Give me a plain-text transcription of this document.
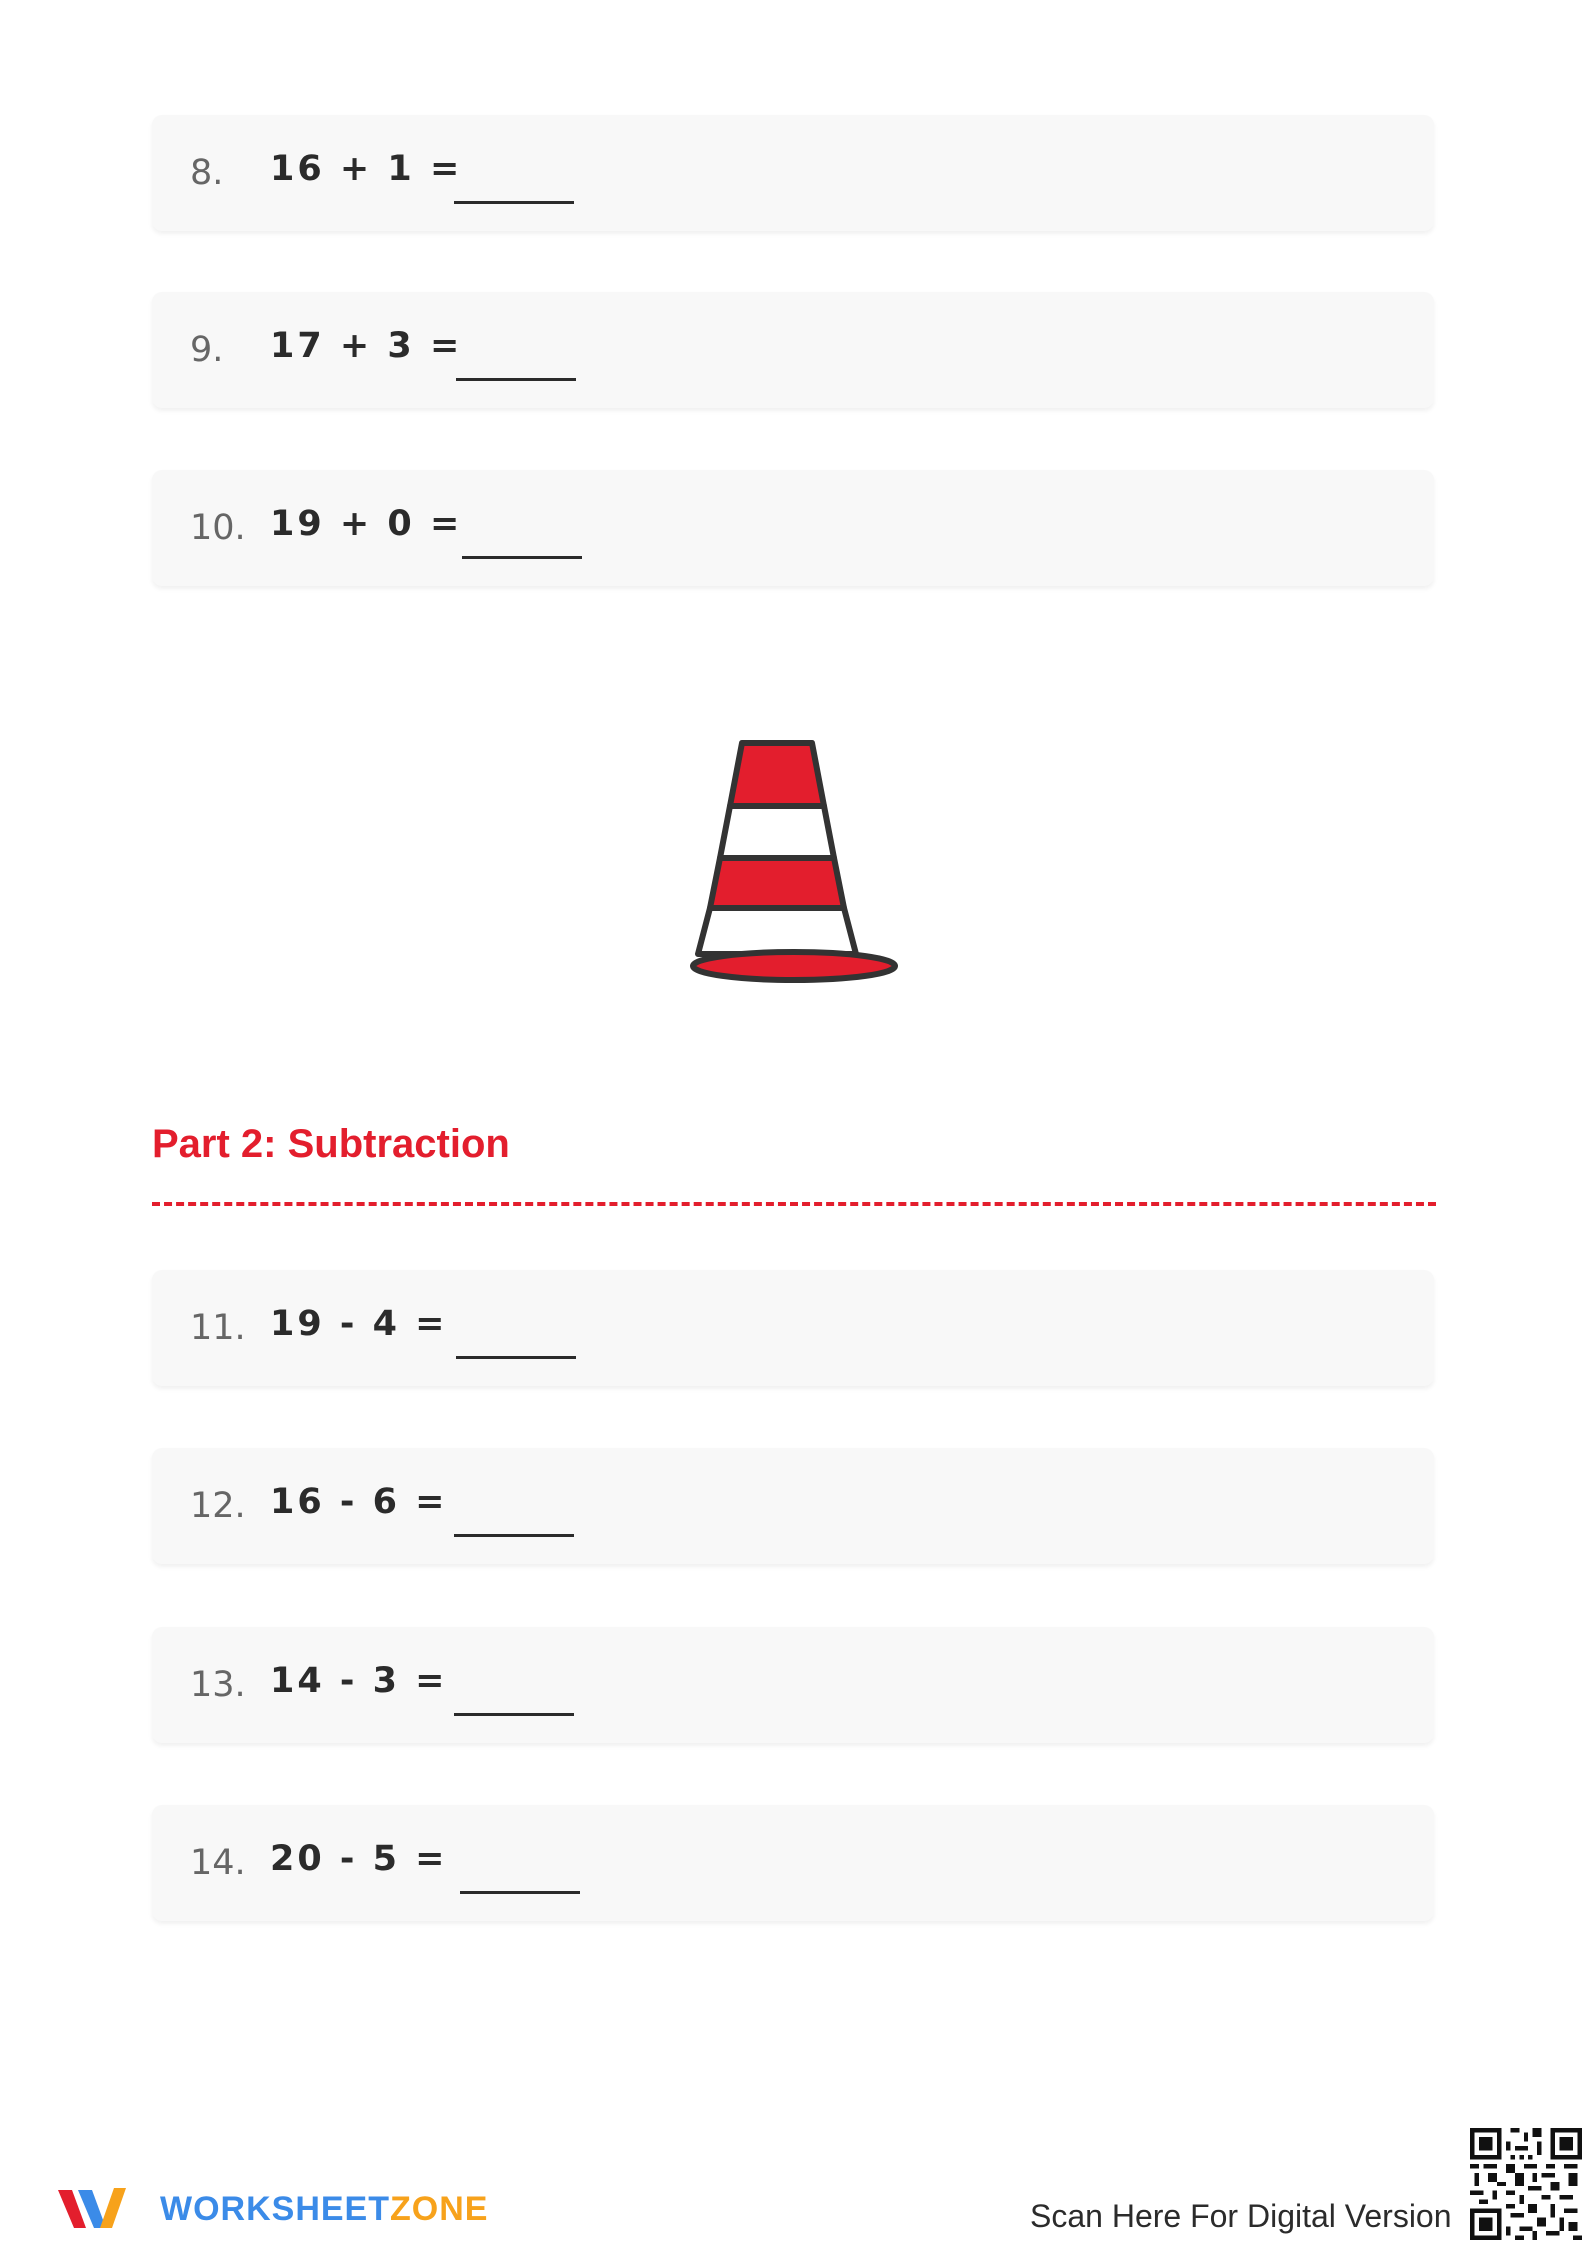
8. 16 + 1 =
9. 17 + 3 =
10. 19 + 0 =
Part 2: Subtraction
11. 19 - 4 =
12. 16 - 6 =
13. 14 - 3 =
14. 20 - 5 =
WORKSHEETZONE	Scan Here For Digital Version
